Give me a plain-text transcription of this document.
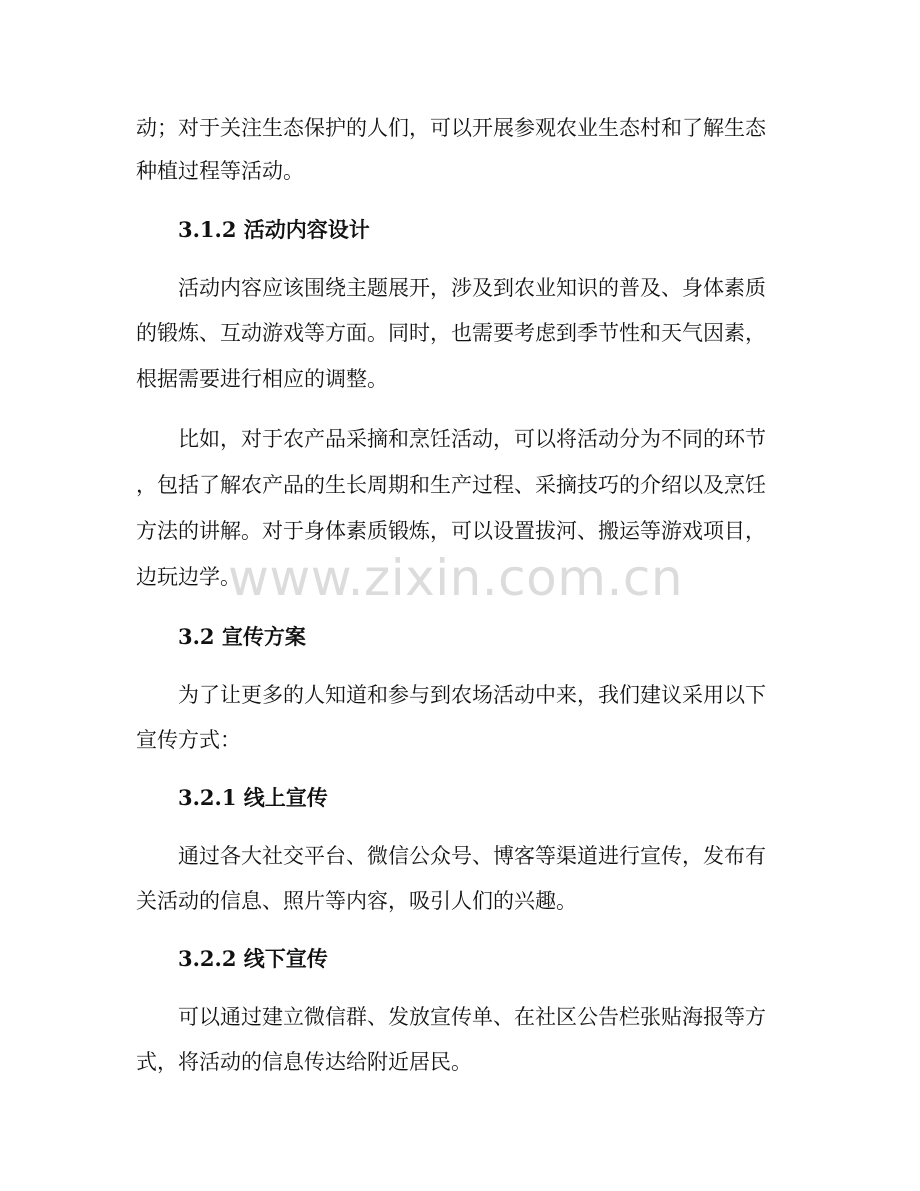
动；对于关注生态保护的人们，可以开展参观农业生态村和了解生态
种植过程等活动。
3.1.2 活动内容设计
活动内容应该围绕主题展开，涉及到农业知识的普及、身体素质
的锻炼、互动游戏等方面。同时，也需要考虑到季节性和天气因素，
根据需要进行相应的调整。
比如，对于农产品采摘和烹饪活动，可以将活动分为不同的环节
，包括了解农产品的生长周期和生产过程、采摘技巧的介绍以及烹饪
方法的讲解。对于身体素质锻炼，可以设置拔河、搬运等游戏项目，
边玩边学。
3.2 宣传方案
为了让更多的人知道和参与到农场活动中来，我们建议采用以下
宣传方式：
3.2.1 线上宣传
通过各大社交平台、微信公众号、博客等渠道进行宣传，发布有
关活动的信息、照片等内容，吸引人们的兴趣。
3.2.2 线下宣传
可以通过建立微信群、发放宣传单、在社区公告栏张贴海报等方
式，将活动的信息传达给附近居民。
www.zixin.com.cn
